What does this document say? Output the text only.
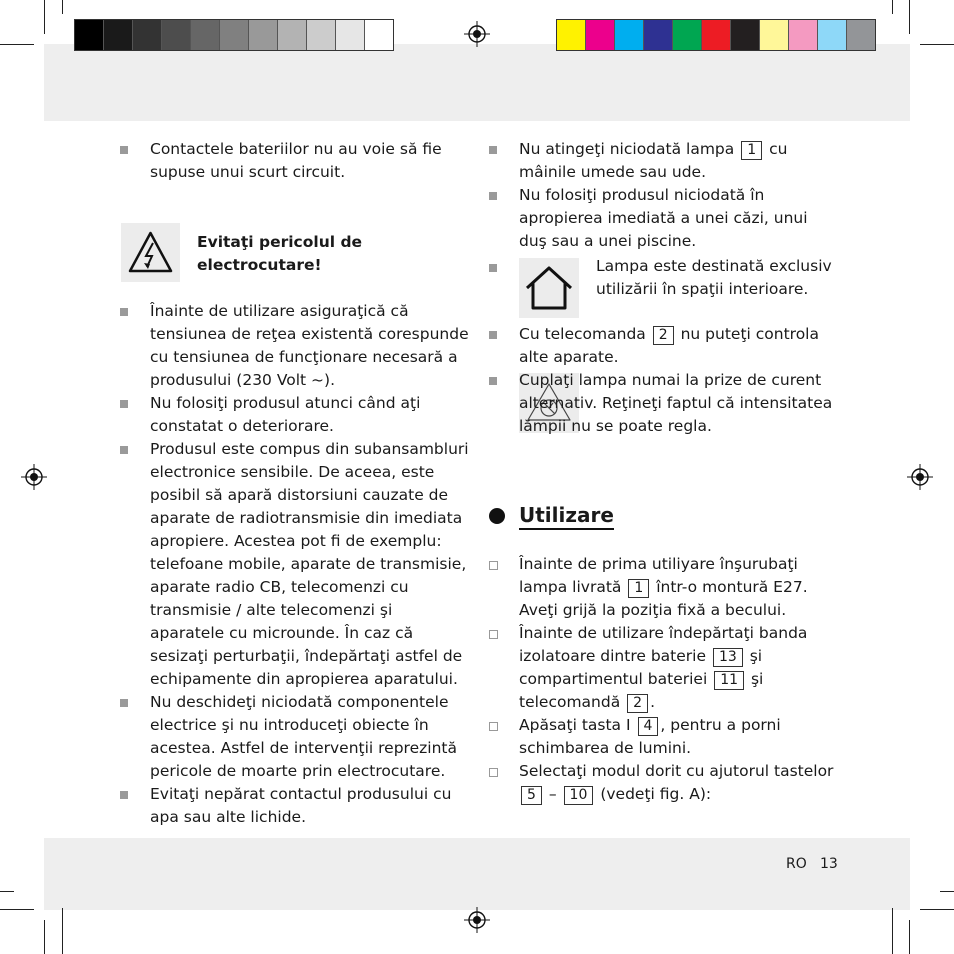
Contactele bateriilor nu au voie să fie supuse unui scurt circuit.

Evitaţi pericolul de electrocutare!

Înainte de utilizare asiguraţică că tensiunea de reţea existentă corespunde cu tensiunea de funcţionare necesară a produsului (230 Volt ~).

Nu folosiţi produsul atunci când aţi constatat o deteriorare.

Produsul este compus din subansambluri electronice sensibile. De aceea, este posibil să apară distorsiuni cauzate de aparate de radiotransmisie din imediata apropiere. Acestea pot fi de exemplu: telefoane mobile, aparate de transmisie, aparate radio CB, telecomenzi cu transmisie / alte telecomenzi şi aparatele cu microunde. În caz că sesizaţi perturbaţii, îndepărtaţi astfel de echipamente din apropierea aparatului.

Nu deschideţi niciodată componentele electrice şi nu introduceţi obiecte în acestea. Astfel de intervenţii reprezintă pericole de moarte prin electrocutare.

Evitaţi nepărat contactul produsului cu apa sau alte lichide.

Nu atingeţi niciodată lampa 1 cu mâinile umede sau ude.

Nu folosiţi produsul niciodată în apropierea imediată a unei căzi, unui duş sau a unei piscine.

Lampa este destinată exclusiv utilizării în spaţii interioare.

Cu telecomanda 2 nu puteţi controla alte aparate.

Cuplaţi lampa numai la prize de curent alternativ. Reţineţi faptul că intensitatea lămpii nu se poate regla.
Utilizare

Înainte de prima utiliyare înşurubaţi lampa livrată 1 într-o montură E27. Aveţi grijă la poziţia fixă a becului.

Înainte de utilizare îndepărtaţi banda izolatoare dintre baterie 13 şi compartimentul bateriei 11 şi telecomandă 2 .

Apăsaţi tasta I 4 , pentru a porni schimbarea de lumini.

Selectaţi modul dorit cu ajutorul tastelor
5 – 10 (vedeţi fig. A):

RO 13
